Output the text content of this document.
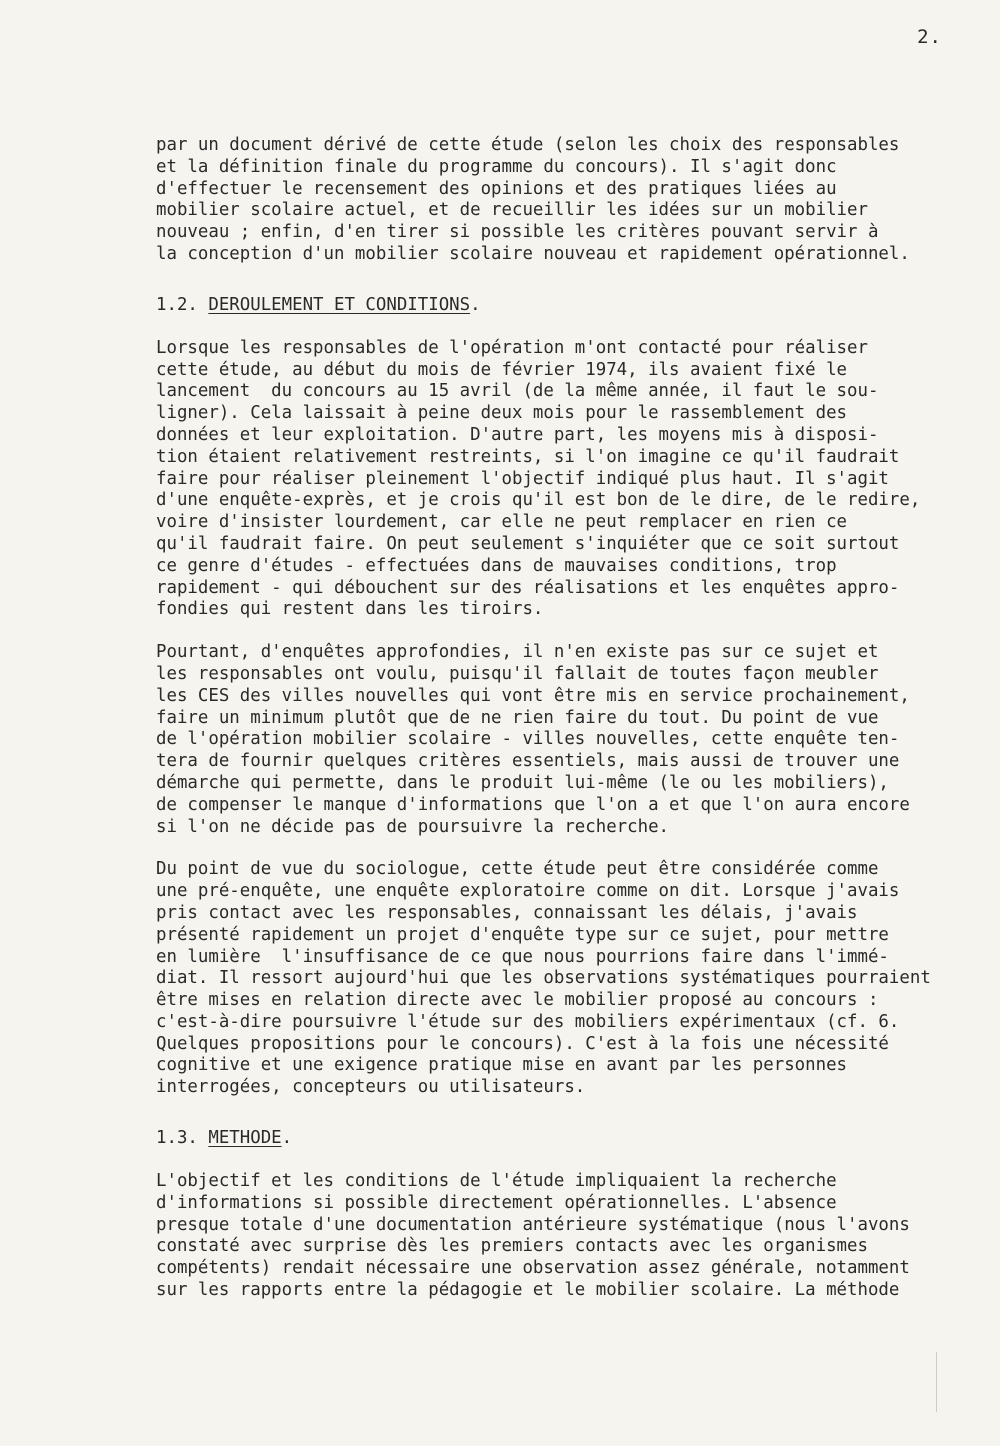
2.
par un document dérivé de cette étude (selon les choix des responsables
et la définition finale du programme du concours). Il s'agit donc
d'effectuer le recensement des opinions et des pratiques liées au
mobilier scolaire actuel, et de recueillir les idées sur un mobilier
nouveau ; enfin, d'en tirer si possible les critères pouvant servir à
la conception d'un mobilier scolaire nouveau et rapidement opérationnel.
1.2. DEROULEMENT ET CONDITIONS.
Lorsque les responsables de l'opération m'ont contacté pour réaliser
cette étude, au début du mois de février 1974, ils avaient fixé le
lancement  du concours au 15 avril (de la même année, il faut le sou-
ligner). Cela laissait à peine deux mois pour le rassemblement des
données et leur exploitation. D'autre part, les moyens mis à disposi-
tion étaient relativement restreints, si l'on imagine ce qu'il faudrait
faire pour réaliser pleinement l'objectif indiqué plus haut. Il s'agit
d'une enquête-exprès, et je crois qu'il est bon de le dire, de le redire,
voire d'insister lourdement, car elle ne peut remplacer en rien ce
qu'il faudrait faire. On peut seulement s'inquiéter que ce soit surtout
ce genre d'études - effectuées dans de mauvaises conditions, trop
rapidement - qui débouchent sur des réalisations et les enquêtes appro-
fondies qui restent dans les tiroirs.
Pourtant, d'enquêtes approfondies, il n'en existe pas sur ce sujet et
les responsables ont voulu, puisqu'il fallait de toutes façon meubler
les CES des villes nouvelles qui vont être mis en service prochainement,
faire un minimum plutôt que de ne rien faire du tout. Du point de vue
de l'opération mobilier scolaire - villes nouvelles, cette enquête ten-
tera de fournir quelques critères essentiels, mais aussi de trouver une
démarche qui permette, dans le produit lui-même (le ou les mobiliers),
de compenser le manque d'informations que l'on a et que l'on aura encore
si l'on ne décide pas de poursuivre la recherche.
Du point de vue du sociologue, cette étude peut être considérée comme
une pré-enquête, une enquête exploratoire comme on dit. Lorsque j'avais
pris contact avec les responsables, connaissant les délais, j'avais
présenté rapidement un projet d'enquête type sur ce sujet, pour mettre
en lumière  l'insuffisance de ce que nous pourrions faire dans l'immé-
diat. Il ressort aujourd'hui que les observations systématiques pourraient
être mises en relation directe avec le mobilier proposé au concours :
c'est-à-dire poursuivre l'étude sur des mobiliers expérimentaux (cf. 6.
Quelques propositions pour le concours). C'est à la fois une nécessité
cognitive et une exigence pratique mise en avant par les personnes
interrogées, concepteurs ou utilisateurs.
1.3. METHODE.
L'objectif et les conditions de l'étude impliquaient la recherche
d'informations si possible directement opérationnelles. L'absence
presque totale d'une documentation antérieure systématique (nous l'avons
constaté avec surprise dès les premiers contacts avec les organismes
compétents) rendait nécessaire une observation assez générale, notamment
sur les rapports entre la pédagogie et le mobilier scolaire. La méthode
